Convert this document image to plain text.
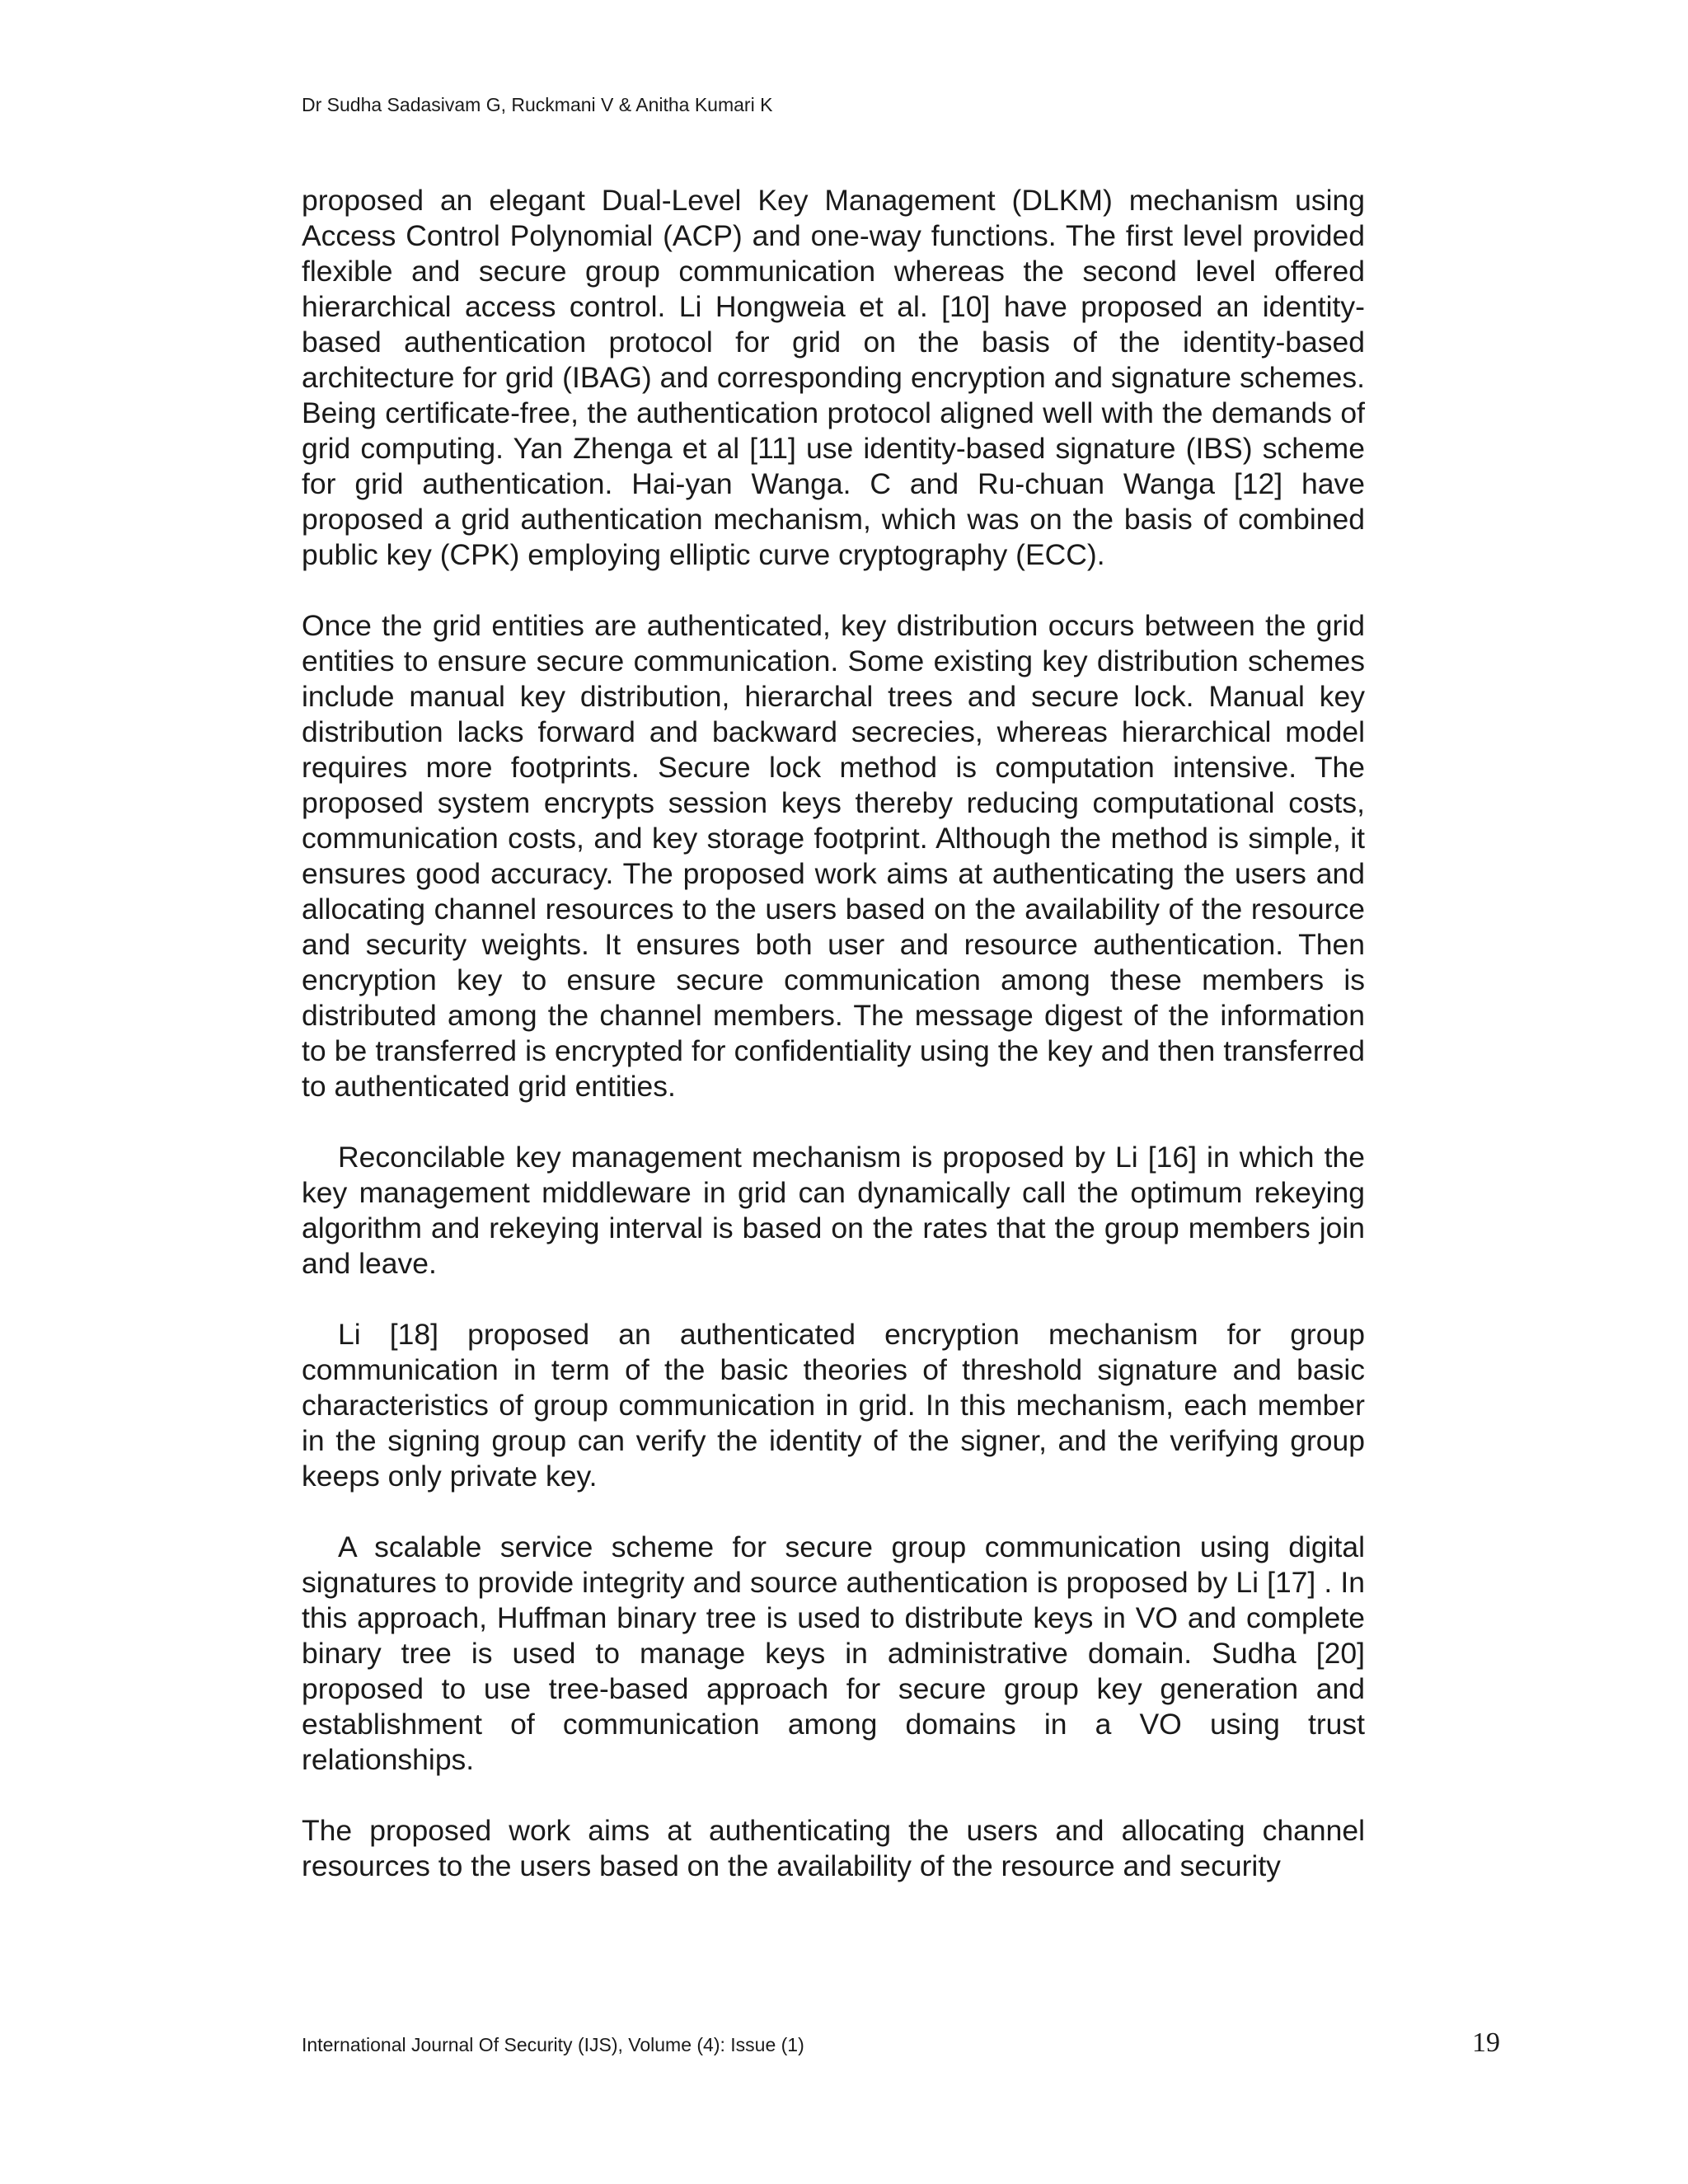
Dr Sudha Sadasivam G, Ruckmani V & Anitha Kumari K

proposed an elegant Dual-Level Key Management (DLKM) mechanism using Access Control Polynomial (ACP) and one-way functions. The first level provided flexible and secure group communication whereas the second level offered hierarchical access control. Li Hongweia et al. [10] have proposed an identity-based authentication protocol for grid on the basis of the identity-based architecture for grid (IBAG) and corresponding encryption and signature schemes. Being certificate-free, the authentication protocol aligned well with the demands of grid computing. Yan Zhenga et al [11] use identity-based signature (IBS) scheme for grid authentication. Hai-yan Wanga. C and Ru-chuan Wanga [12] have proposed a grid authentication mechanism, which was on the basis of combined public key (CPK) employing elliptic curve cryptography (ECC).

Once the grid entities are authenticated, key distribution occurs between the grid entities to ensure secure communication. Some existing key distribution schemes include manual key distribution, hierarchal trees and secure lock. Manual key distribution lacks forward and backward secrecies, whereas hierarchical model requires more footprints. Secure lock method is computation intensive. The proposed system encrypts session keys thereby reducing computational costs, communication costs, and key storage footprint. Although the method is simple, it ensures good accuracy. The proposed work aims at authenticating the users and allocating channel resources to the users based on the availability of the resource and security weights. It ensures both user and resource authentication. Then encryption key to ensure secure communication among these members is distributed among the channel members. The message digest of the information to be transferred is encrypted for confidentiality using the key and then transferred to authenticated grid entities.

Reconcilable key management mechanism is proposed by Li [16] in which the key management middleware in grid can dynamically call the optimum rekeying algorithm and rekeying interval is based on the rates that the group members join and leave.

Li [18] proposed an authenticated encryption mechanism for group communication in term of the basic theories of threshold signature and basic characteristics of group communication in grid. In this mechanism, each member in the signing group can verify the identity of the signer, and the verifying group keeps only private key.

A scalable service scheme for secure group communication using digital signatures to provide integrity and source authentication is proposed by Li [17] . In this approach, Huffman binary tree is used to distribute keys in VO and complete binary tree is used to manage keys in administrative domain. Sudha [20] proposed to use tree-based approach for secure group key generation and establishment of communication among domains in a VO using trust relationships.

The proposed work aims at authenticating the users and allocating channel resources to the users based on the availability of the resource and security

International Journal Of Security (IJS), Volume (4): Issue (1)	19
